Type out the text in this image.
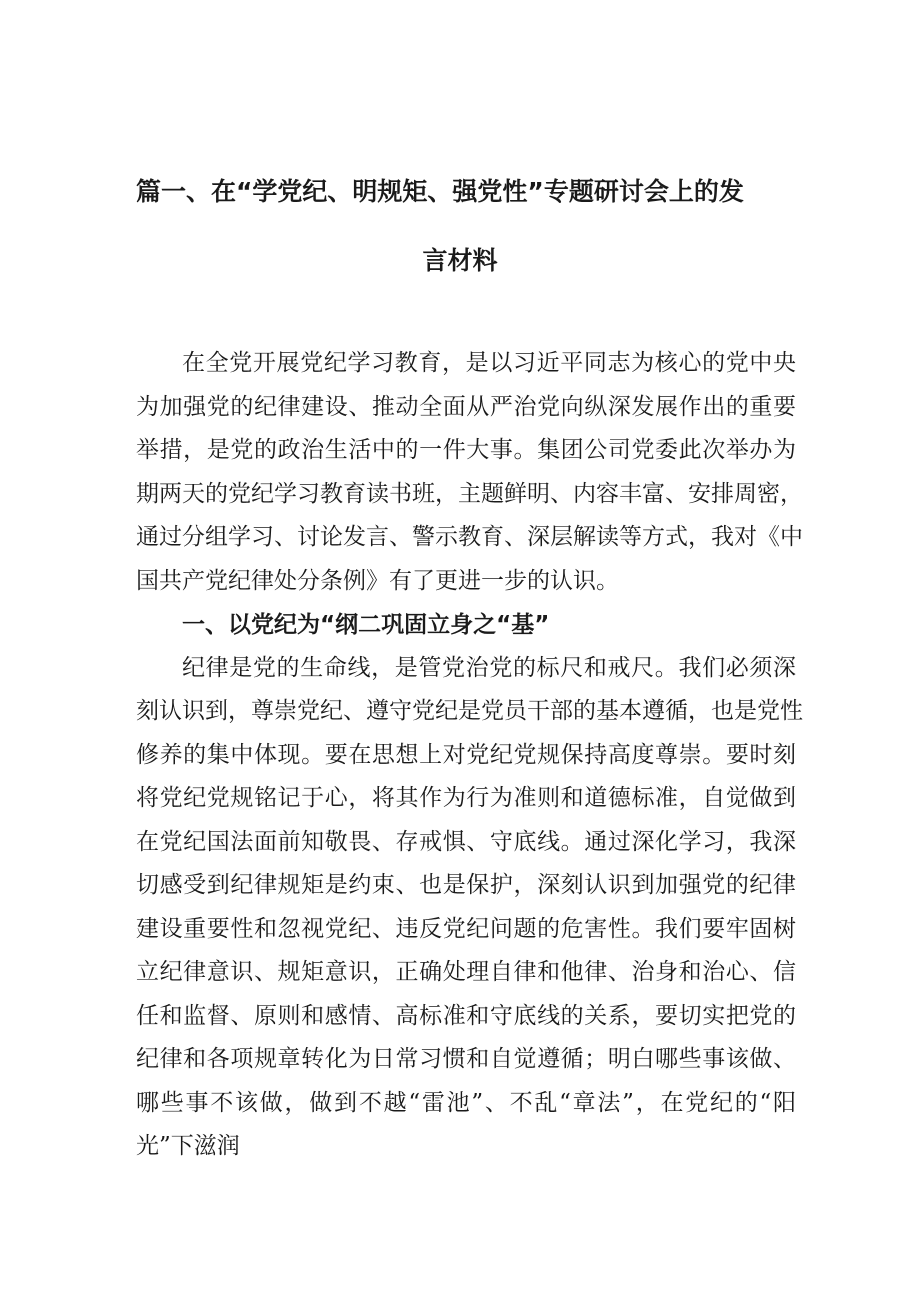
篇一、在“学党纪、明规矩、强党性”专题研讨会上的发
言材料
在全党开展党纪学习教育，是以习近平同志为核心的党中央
为加强党的纪律建设、推动全面从严治党向纵深发展作出的重要
举措，是党的政治生活中的一件大事。集团公司党委此次举办为
期两天的党纪学习教育读书班，主题鲜明、内容丰富、安排周密，
通过分组学习、讨论发言、警示教育、深层解读等方式，我对《中
国共产党纪律处分条例》有了更进一步的认识。
一、以党纪为“纲二巩固立身之“基”
纪律是党的生命线，是管党治党的标尺和戒尺。我们必须深
刻认识到，尊崇党纪、遵守党纪是党员干部的基本遵循，也是党性
修养的集中体现。要在思想上对党纪党规保持高度尊崇。要时刻
将党纪党规铭记于心，将其作为行为准则和道德标准，自觉做到
在党纪国法面前知敬畏、存戒惧、守底线。通过深化学习，我深
切感受到纪律规矩是约束、也是保护，深刻认识到加强党的纪律
建设重要性和忽视党纪、违反党纪问题的危害性。我们要牢固树
立纪律意识、规矩意识，正确处理自律和他律、治身和治心、信
任和监督、原则和感情、高标准和守底线的关系，要切实把党的
纪律和各项规章转化为日常习惯和自觉遵循；明白哪些事该做、
哪些事不该做，做到不越“雷池”、不乱“章法”，在党纪的“阳
光”下滋润
